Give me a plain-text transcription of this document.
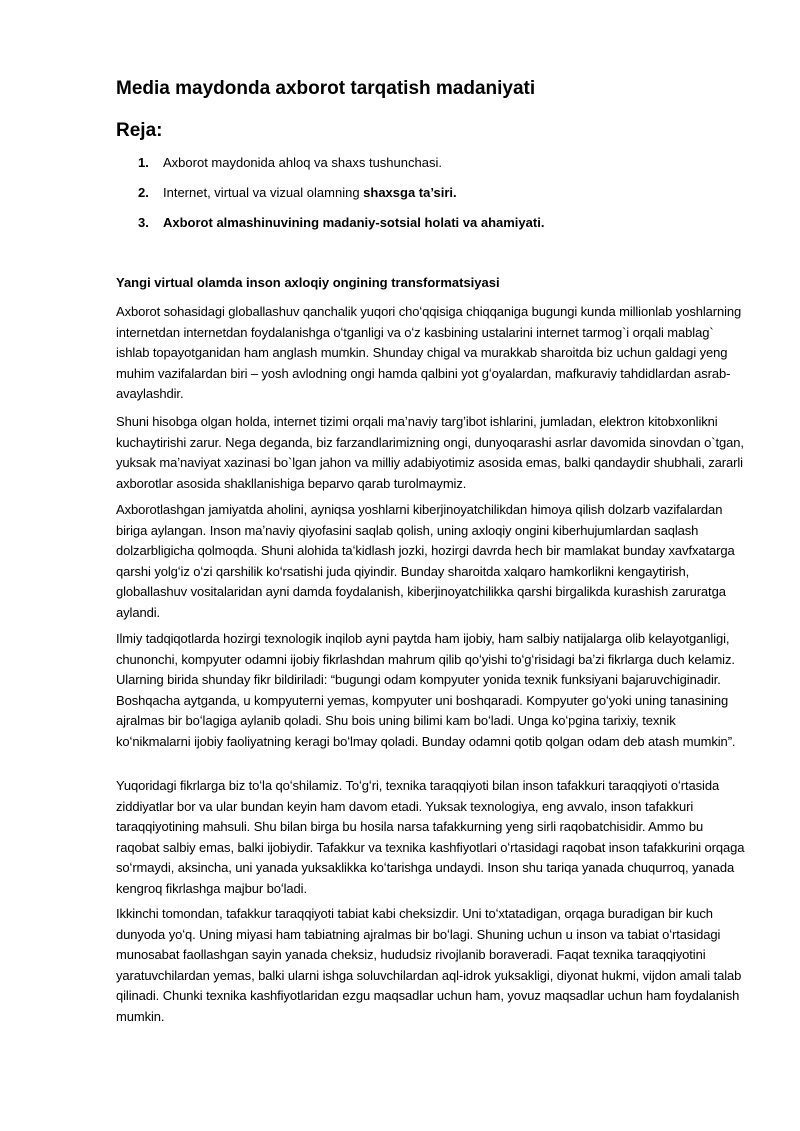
Media maydonda axborot tarqatish madaniyati
Reja:
1. Axborot maydonida ahloq va shaxs tushunchasi.
2. Internet, virtual va vizual olamning shaxsga ta’siri.
3. Axborot almashinuvining madaniy-sotsial holati va ahamiyati.
Yangi virtual olamda inson axloqiy ongining transformatsiyasi

Axborot sohasidagi globallashuv qanchalik yuqori choʻqqisiga chiqqaniga bugungi kunda millionlab yoshlarning internetdan internetdan foydalanishga oʻtganligi va oʻz kasbining ustalarini internet tarmog`i orqali mablag` ishlab topayotganidan ham anglash mumkin. Shunday chigal va murakkab sharoitda biz uchun galdagi yeng muhim vazifalardan biri – yosh avlodning ongi hamda qalbini yot gʻoyalardan, mafkuraviy tahdidlardan asrab-avaylashdir.

Shuni hisobga olgan holda, internet tizimi orqali maʼnaviy targʼibot ishlarini, jumladan, elektron kitobxonlikni kuchaytirishi zarur. Nega deganda, biz farzandlarimizning ongi, dunyoqarashi asrlar davomida sinovdan o`tgan, yuksak maʼnaviyat xazinasi bo`lgan jahon va milliy adabiyotimiz asosida emas, balki qandaydir shubhali, zararli axborotlar asosida shakllanishiga beparvo qarab turolmaymiz.

Axborotlashgan jamiyatda aholini, ayniqsa yoshlarni kiberjinoyatchilikdan himoya qilish dolzarb vazifalardan biriga aylangan. Inson maʼnaviy qiyofasini saqlab qolish, uning axloqiy ongini kiberhujumlardan saqlash dolzarbligicha qolmoqda. Shuni alohida taʻkidlash jozki, hozirgi davrda hech bir mamlakat bunday xavfxatarga qarshi yolgʻiz oʻzi qarshilik koʻrsatishi juda qiyindir. Bunday sharoitda xalqaro hamkorlikni kengaytirish, globallashuv vositalaridan ayni damda foydalanish, kiberjinoyatchilikka qarshi birgalikda kurashish zaruratga aylandi.

Ilmiy tadqiqotlarda hozirgi texnologik inqilob ayni paytda ham ijobiy, ham salbiy natijalarga olib kelayotganligi, chunonchi, kompyuter odamni ijobiy fikrlashdan mahrum qilib qoʻyishi toʻgʻrisidagi baʼzi fikrlarga duch kelamiz. Ularning birida shunday fikr bildiriladi: “bugungi odam kompyuter yonida texnik funksiyani bajaruvchiginadir. Boshqacha aytganda, u kompyuterni yemas, kompyuter uni boshqaradi. Kompyuter goʻyoki uning tanasining ajralmas bir boʻlagiga aylanib qoladi. Shu bois uning bilimi kam boʻladi. Unga koʻpgina tarixiy, texnik koʻnikmalarni ijobiy faoliyatning keragi boʻlmay qoladi. Bunday odamni qotib qolgan odam deb atash mumkin”.

Yuqoridagi fikrlarga biz toʻla qoʻshilamiz. Toʻgʻri, texnika taraqqiyoti bilan inson tafakkuri taraqqiyoti oʻrtasida ziddiyatlar bor va ular bundan keyin ham davom etadi. Yuksak texnologiya, eng avvalo, inson tafakkuri taraqqiyotining mahsuli. Shu bilan birga bu hosila narsa tafakkurning yeng sirli raqobatchisidir. Ammo bu raqobat salbiy emas, balki ijobiydir. Tafakkur va texnika kashfiyotlari oʻrtasidagi raqobat inson tafakkurini orqaga soʻrmaydi, aksincha, uni yanada yuksaklikka koʻtarishga undaydi. Inson shu tariqa yanada chuqurroq, yanada kengroq fikrlashga majbur boʻladi.

Ikkinchi tomondan, tafakkur taraqqiyoti tabiat kabi cheksizdir. Uni toʻxtatadigan, orqaga buradigan bir kuch dunyoda yoʻq. Uning miyasi ham tabiatning ajralmas bir boʻlagi. Shuning uchun u inson va tabiat oʻrtasidagi munosabat faollashgan sayin yanada cheksiz, hududsiz rivojlanib boraveradi. Faqat texnika taraqqiyotini yaratuvchilardan yemas, balki ularni ishga soluvchilardan aql-idrok yuksakligi, diyonat hukmi, vijdon amali talab qilinadi. Chunki texnika kashfiyotlaridan ezgu maqsadlar uchun ham, yovuz maqsadlar uchun ham foydalanish mumkin.
